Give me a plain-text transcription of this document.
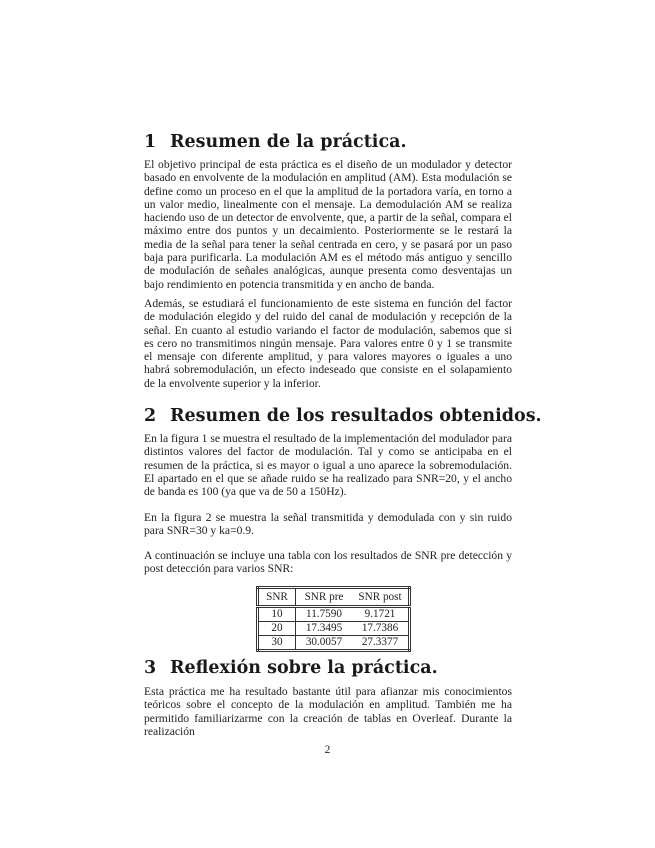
1 Resumen de la práctica.

El objetivo principal de esta práctica es el diseño de un modulador y detector basado en envolvente de la modulación en amplitud (AM). Esta modulación se define como un proceso en el que la amplitud de la portadora varía, en torno a un valor medio, linealmente con el mensaje. La demodulación AM se realiza haciendo uso de un detector de envolvente, que, a partir de la señal, compara el máximo entre dos puntos y un decaimiento. Posteriormente se le restará la media de la señal para tener la señal centrada en cero, y se pasará por un paso baja para purificarla. La modulación AM es el método más antiguo y sencillo de modulación de señales analógicas, aunque presenta como desventajas un bajo rendimiento en potencia transmitida y en ancho de banda.

Además, se estudiará el funcionamiento de este sistema en función del factor de modulación elegido y del ruido del canal de modulación y recepción de la señal. En cuanto al estudio variando el factor de modulación, sabemos que si es cero no transmitimos ningún mensaje. Para valores entre 0 y 1 se transmite el mensaje con diferente amplitud, y para valores mayores o iguales a uno habrá sobremodulación, un efecto indeseado que consiste en el solapamiento de la envolvente superior y la inferior.

2 Resumen de los resultados obtenidos.

En la figura 1 se muestra el resultado de la implementación del modulador para distintos valores del factor de modulación. Tal y como se anticipaba en el resumen de la práctica, si es mayor o igual a uno aparece la sobremodulación. El apartado en el que se añade ruido se ha realizado para SNR=20, y el ancho de banda es 100 (ya que va de 50 a 150Hz).

En la figura 2 se muestra la señal transmitida y demodulada con y sin ruido para SNR=30 y ka=0.9.

A continuación se incluye una tabla con los resultados de SNR pre detección y post detección para varios SNR:

SNR	SNR pre	SNR post
10	11.7590	9.1721
20	17.3495	17.7386
30	30.0057	27.3377
3 Reflexión sobre la práctica.

Esta práctica me ha resultado bastante útil para afianzar mis conocimientos teóricos sobre el concepto de la modulación en amplitud. También me ha permitido familiarizarme con la creación de tablas en Overleaf. Durante la realización

2
